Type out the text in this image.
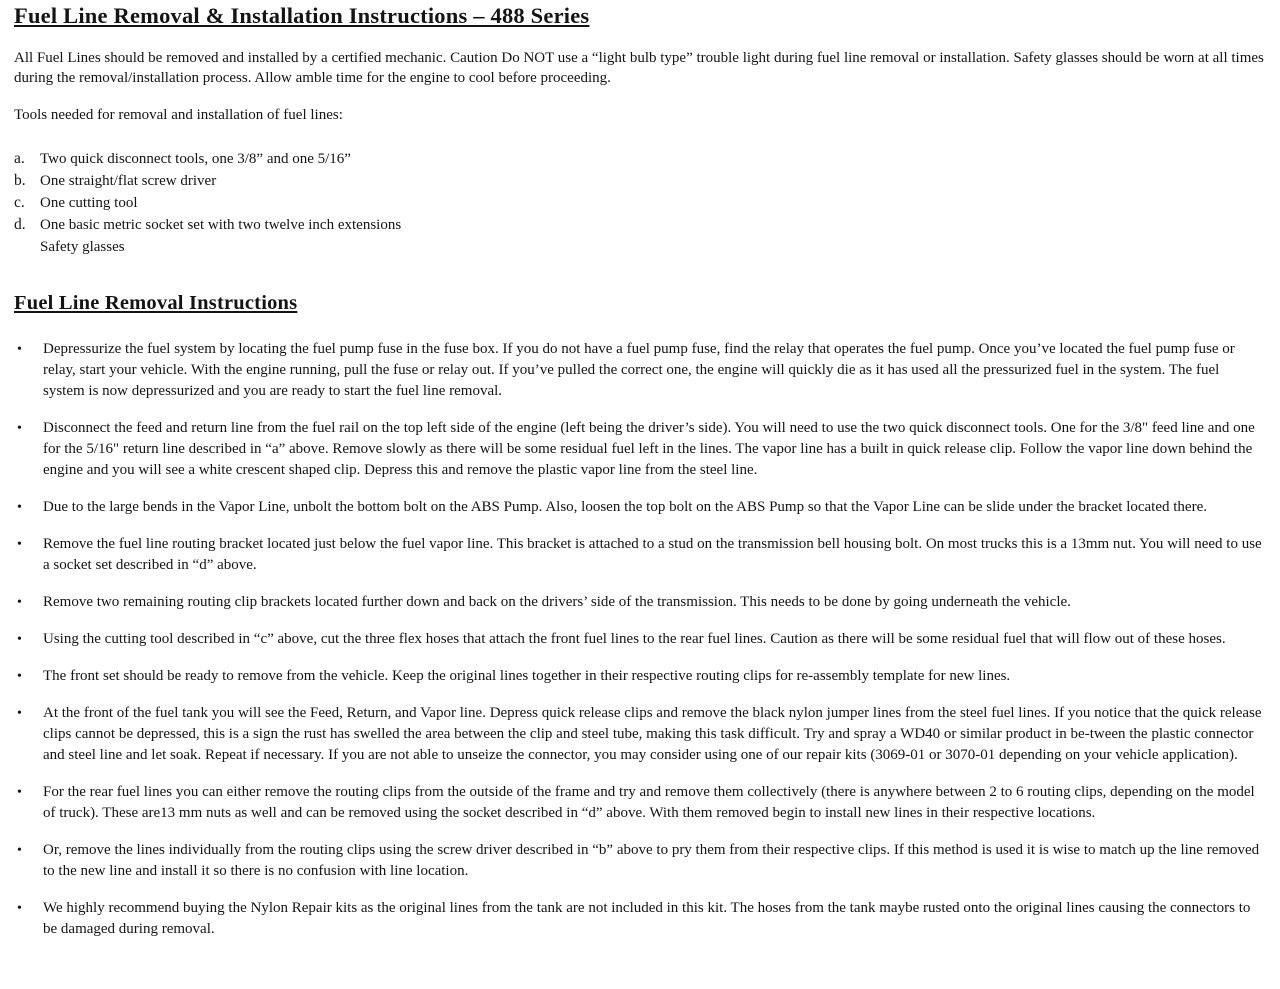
Fuel Line Removal & Installation Instructions – 488 Series

All Fuel Lines should be removed and installed by a certified mechanic. Caution Do NOT use a “light bulb type” trouble light during fuel line removal or installation. Safety glasses should be worn at all times during the removal/installation process. Allow amble time for the engine to cool before proceeding.

Tools needed for removal and installation of fuel lines:

a.	Two quick disconnect tools, one 3/8” and one 5/16”
b. One straight/flat screw driver
c.	One cutting tool
d. One basic metric socket set with two twelve inch extensions
Safety glasses
Fuel Line Removal Instructions
•	Depressurize the fuel system by locating the fuel pump fuse in the fuse box. If you do not have a fuel pump fuse, find the relay that operates the fuel pump. Once you’ve located the fuel pump fuse or relay, start your vehicle. With the engine running, pull the fuse or relay out. If you’ve pulled the correct one, the engine will quickly die as it has used all the pressurized fuel in the system. The fuel system is now depressurized and you are ready to start the fuel line removal.
•	Disconnect the feed and return line from the fuel rail on the top left side of the engine (left being the driver’s side). You will need to use the two quick disconnect tools. One for the 3/8" feed line and one for the 5/16" return line described in “a” above. Remove slowly as there will be some residual fuel left in the lines. The vapor line has a built in quick release clip. Follow the vapor line down behind the engine and you will see a white crescent shaped clip. Depress this and remove the plastic vapor line from the steel line.
•	Due to the large bends in the Vapor Line, unbolt the bottom bolt on the ABS Pump. Also, loosen the top bolt on the ABS Pump so that the Vapor Line can be slide under the bracket located there.
•	Remove the fuel line routing bracket located just below the fuel vapor line. This bracket is attached to a stud on the transmission bell housing bolt. On most trucks this is a 13mm nut. You will need to use a socket set described in “d” above.
•	Remove two remaining routing clip brackets located further down and back on the drivers’ side of the transmission. This needs to be done by going underneath the vehicle.
•	Using the cutting tool described in “c” above, cut the three flex hoses that attach the front fuel lines to the rear fuel lines. Caution as there will be some residual fuel that will flow out of these hoses.
•	The front set should be ready to remove from the vehicle. Keep the original lines together in their respective routing clips for re-assembly template for new lines.
•	At the front of the fuel tank you will see the Feed, Return, and Vapor line. Depress quick release clips and remove the black nylon jumper lines from the steel fuel lines. If you notice that the quick release clips cannot be depressed, this is a sign the rust has swelled the area between the clip and steel tube, making this task difficult. Try and spray a WD40 or similar product in be-tween the plastic connector and steel line and let soak. Repeat if necessary. If you are not able to unseize the connector, you may consider using one of our repair kits (3069-01 or 3070-01 depending on your vehicle application).
•	For the rear fuel lines you can either remove the routing clips from the outside of the frame and try and remove them collectively (there is anywhere between 2 to 6 routing clips, depending on the model of truck). These are13 mm nuts as well and can be removed using the socket described in “d” above. With them removed begin to install new lines in their respective locations.
•	Or, remove the lines individually from the routing clips using the screw driver described in “b” above to pry them from their respective clips. If this method is used it is wise to match up the line removed to the new line and install it so there is no confusion with line location.
•	We highly recommend buying the Nylon Repair kits as the original lines from the tank are not included in this kit. The hoses from the tank maybe rusted onto the original lines causing the connectors to be damaged during removal.
